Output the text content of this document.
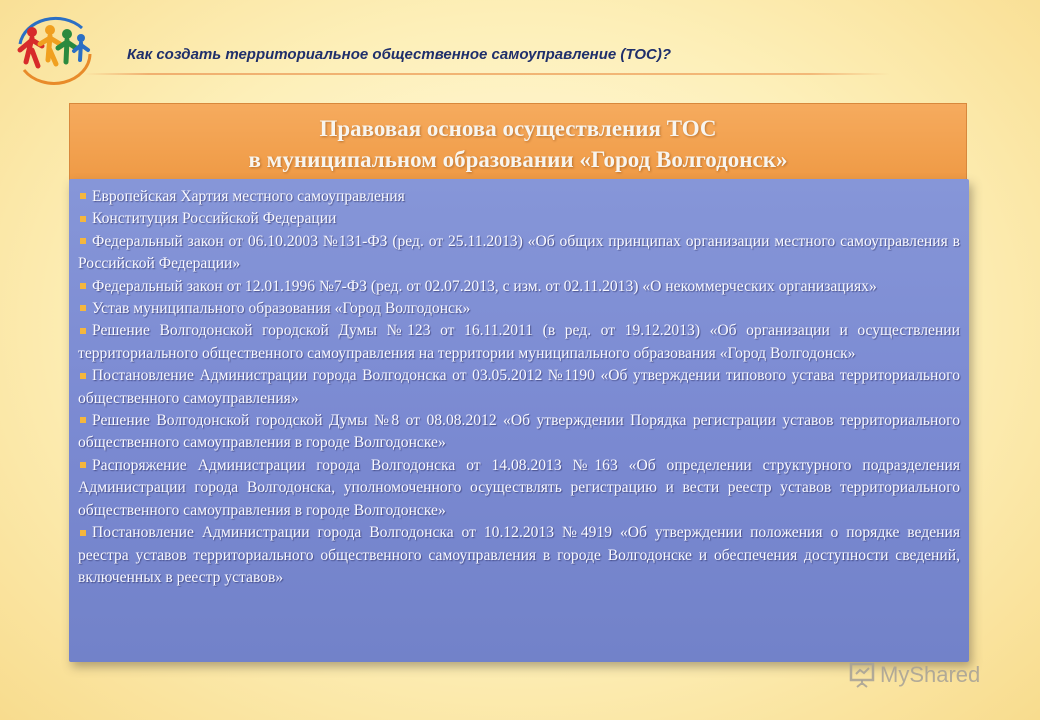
Как создать территориальное общественное самоуправление (ТОС)?
Правовая основа осуществления ТОС
в муниципальном образовании «Город Волгодонск»
Европейская Хартия местного самоуправления
Конституция Российской Федерации
Федеральный закон от 06.10.2003 №131-ФЗ (ред. от 25.11.2013) «Об общих принципах организации местного самоуправления в Российской Федерации»
Федеральный закон от 12.01.1996 №7-ФЗ (ред. от 02.07.2013, с изм. от 02.11.2013) «О некоммерческих организациях»
Устав муниципального образования «Город Волгодонск»
Решение Волгодонской городской Думы №123 от 16.11.2011 (в ред. от 19.12.2013) «Об организации и осуществлении территориального общественного самоуправления на территории муниципального образования «Город Волгодонск»
Постановление Администрации города Волгодонска от 03.05.2012 №1190 «Об утверждении типового устава территориального общественного самоуправления»
Решение Волгодонской городской Думы №8 от 08.08.2012 «Об утверждении Порядка регистрации уставов территориального общественного самоуправления в городе Волгодонске»
Распоряжение Администрации города Волгодонска от 14.08.2013 №163 «Об определении структурного подразделения Администрации города Волгодонска, уполномоченного осуществлять регистрацию и вести реестр уставов территориального общественного самоуправления в городе Волгодонске»
Постановление Администрации города Волгодонска от 10.12.2013 №4919 «Об утверждении положения о порядке ведения реестра уставов территориального общественного самоуправления в городе Волгодонске и обеспечения доступности сведений, включенных в реестр уставов»
MyShared
